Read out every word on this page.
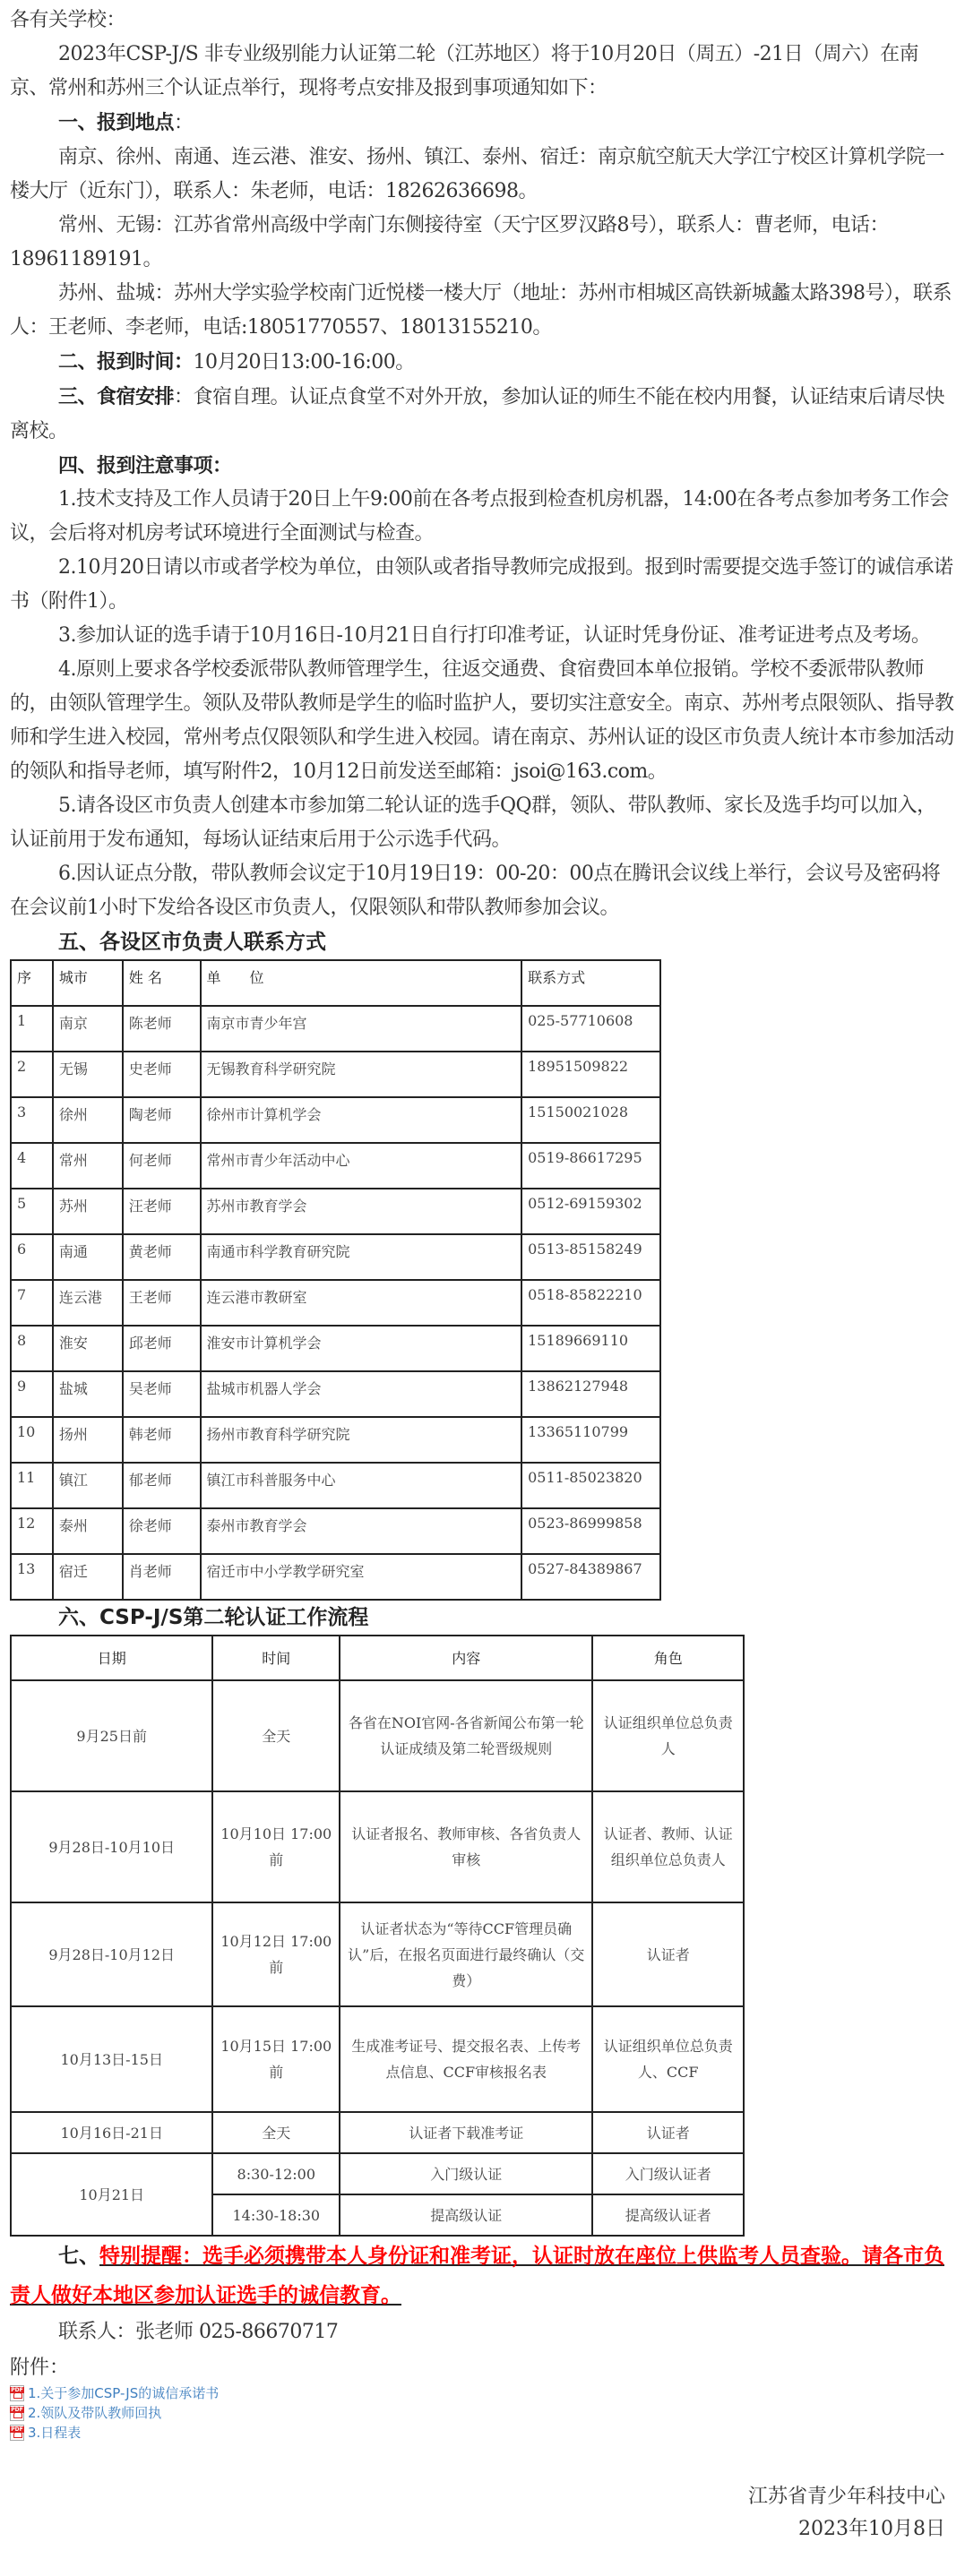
各有关学校：

2023年CSP-J/S 非专业级别能力认证第二轮（江苏地区）将于10月20日（周五）-21日（周六）在南京、常州和苏州三个认证点举行，现将考点安排及报到事项通知如下：

一、报到地点：

南京、徐州、南通、连云港、淮安、扬州、镇江、泰州、宿迁：南京航空航天大学江宁校区计算机学院一楼大厅（近东门），联系人：朱老师，电话：18262636698。

常州、无锡：江苏省常州高级中学南门东侧接待室（天宁区罗汉路8号），联系人：曹老师，电话：18961189191。

苏州、盐城：苏州大学实验学校南门近悦楼一楼大厅（地址：苏州市相城区高铁新城蠡太路398号），联系人：王老师、李老师，电话:18051770557、18013155210。

二、报到时间：10月20日13:00-16:00。

三、食宿安排：食宿自理。认证点食堂不对外开放，参加认证的师生不能在校内用餐，认证结束后请尽快离校。

四、报到注意事项：

1.技术支持及工作人员请于20日上午9:00前在各考点报到检查机房机器，14:00在各考点参加考务工作会议，会后将对机房考试环境进行全面测试与检查。

2.10月20日请以市或者学校为单位，由领队或者指导教师完成报到。报到时需要提交选手签订的诚信承诺书（附件1）。

3.参加认证的选手请于10月16日-10月21日自行打印准考证，认证时凭身份证、准考证进考点及考场。

4.原则上要求各学校委派带队教师管理学生，往返交通费、食宿费回本单位报销。学校不委派带队教师的，由领队管理学生。领队及带队教师是学生的临时监护人，要切实注意安全。南京、苏州考点限领队、指导教师和学生进入校园，常州考点仅限领队和学生进入校园。请在南京、苏州认证的设区市负责人统计本市参加活动的领队和指导老师，填写附件2，10月12日前发送至邮箱：jsoi@163.com。

5.请各设区市负责人创建本市参加第二轮认证的选手QQ群，领队、带队教师、家长及选手均可以加入，认证前用于发布通知，每场认证结束后用于公示选手代码。

6.因认证点分散，带队教师会议定于10月19日19：00-20：00点在腾讯会议线上举行，会议号及密码将在会议前1小时下发给各设区市负责人，仅限领队和带队教师参加会议。

五、各设区市负责人联系方式

序	城市	姓 名	单　　位	联系方式
1	南京	陈老师	南京市青少年宫	025-57710608
2	无锡	史老师	无锡教育科学研究院	18951509822
3	徐州	陶老师	徐州市计算机学会	15150021028
4	常州	何老师	常州市青少年活动中心	0519-86617295
5	苏州	汪老师	苏州市教育学会	0512-69159302
6	南通	黄老师	南通市科学教育研究院	0513-85158249
7	连云港	王老师	连云港市教研室	0518-85822210
8	淮安	邱老师	淮安市计算机学会	15189669110
9	盐城	吴老师	盐城市机器人学会	13862127948
10	扬州	韩老师	扬州市教育科学研究院	13365110799
11	镇江	郁老师	镇江市科普服务中心	0511-85023820
12	泰州	徐老师	泰州市教育学会	0523-86999858
13	宿迁	肖老师	宿迁市中小学教学研究室	0527-84389867

六、CSP-J/S第二轮认证工作流程

日期	时间	内容	角色
9月25日前	全天	各省在NOI官网-各省新闻公布第一轮认证成绩及第二轮晋级规则	认证组织单位总负责人
9月28日-10月10日	10月10日 17:00前	认证者报名、教师审核、各省负责人审核	认证者、教师、认证组织单位总负责人
9月28日-10月12日	10月12日 17:00前	认证者状态为“等待CCF管理员确认”后，在报名页面进行最终确认（交费）	认证者
10月13日-15日	10月15日 17:00前	生成准考证号、提交报名表、上传考点信息、CCF审核报名表	认证组织单位总负责人、CCF
10月16日-21日	全天	认证者下载准考证	认证者
10月21日	8:30-12:00	入门级认证	入门级认证者
	14:30-18:30	提高级认证	提高级认证者

七、特别提醒：选手必须携带本人身份证和准考证，认证时放在座位上供监考人员查验。请各市负责人做好本地区参加认证选手的诚信教育。

联系人：张老师 025-86670717

附件：

PDF
1.关于参加CSP-JS的诚信承诺书
PDF
2.领队及带队教师回执
PDF
3.日程表
江苏省青少年科技中心
2023年10月8日
